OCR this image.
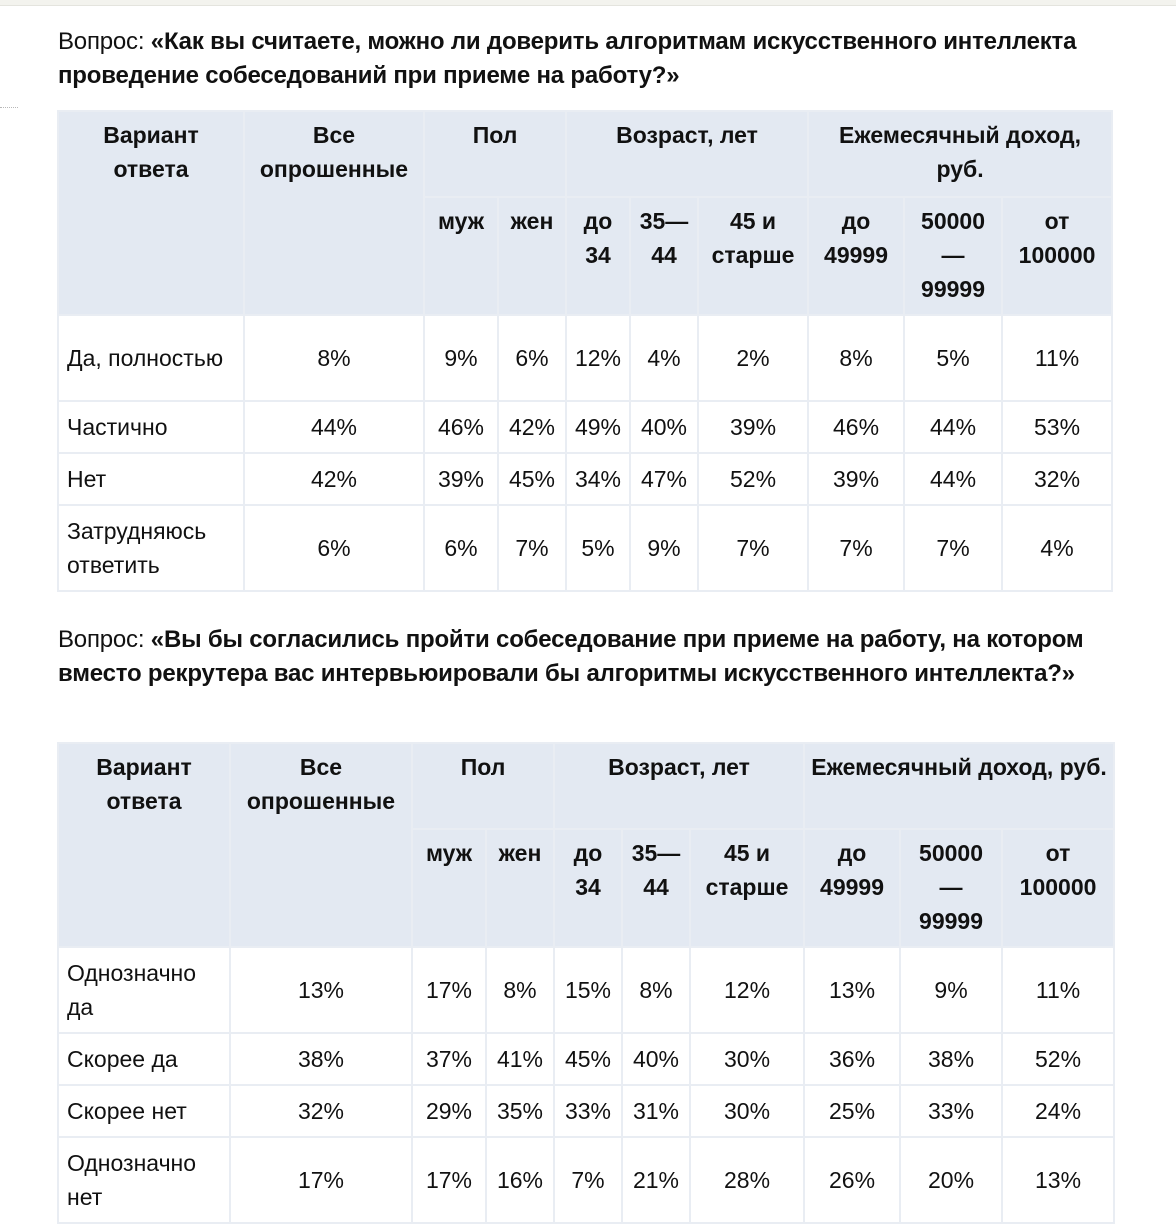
Вопрос: «Как вы считаете, можно ли доверить алгоритмам искусственного интеллекта проведение собеседований при приеме на работу?»
Вариант ответа	Все опрошенные	Пол		Возраст, лет			Ежемесячный доход, руб.		
		муж	жен	до 34	35— 44	45 и старше	до 49999	50000 — 99999	от 100000
Да, полностью	8%	9%	6%	12%	4%	2%	8%	5%	11%
Частично	44%	46%	42%	49%	40%	39%	46%	44%	53%
Нет	42%	39%	45%	34%	47%	52%	39%	44%	32%
Затрудняюсь ответить	6%	6%	7%	5%	9%	7%	7%	7%	4%
Вопрос: «Вы бы согласились пройти собеседование при приеме на работу, на котором вместо рекрутера вас интервьюировали бы алгоритмы искусственного интеллекта?»
Вариант ответа	Все опрошенные	Пол		Возраст, лет			Ежемесячный доход, руб.		
		муж	жен	до 34	35— 44	45 и старше	до 49999	50000 — 99999	от 100000
Однозначно да	13%	17%	8%	15%	8%	12%	13%	9%	11%
Скорее да	38%	37%	41%	45%	40%	30%	36%	38%	52%
Скорее нет	32%	29%	35%	33%	31%	30%	25%	33%	24%
Однозначно нет	17%	17%	16%	7%	21%	28%	26%	20%	13%
